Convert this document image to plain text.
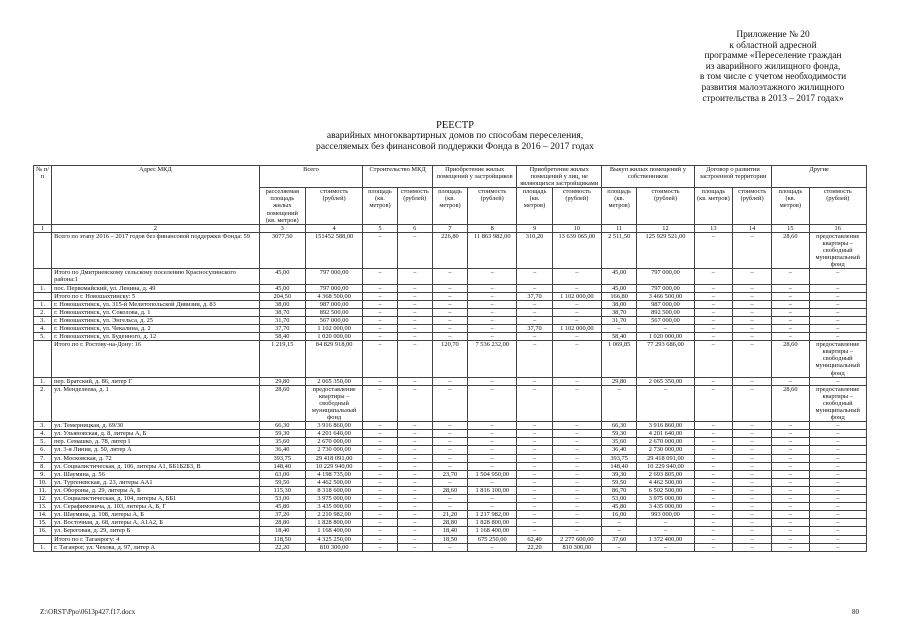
Приложение № 20
к областной адресной
программе «Переселение граждан
из аварийного жилищного фонда,
в том числе с учетом необходимости
развития малоэтажного жилищного
строительства в 2013 – 2017 годах»
РЕЕСТР
аварийных многоквартирных домов по способам переселения,
расселяемых без финансовой поддержки Фонда в 2016 – 2017 годах
№ п/п	Адрес МКД	Всего		Строительство МКД		Приобретение жилых помещений у застройщиков		Приобретение жилых помещений у лиц, не являющихся застройщиками		Выкуп жилых помещений у собственников		Договор о развитии застроенной территории		Другие	
		расселяемая площадь жилых помещений (кв. метров)	стоимость (рублей)	площадь (кв. метров)	стоимость (рублей)	площадь (кв. метров)	стоимость (рублей)	площадь (кв. метров)	стоимость (рублей)	площадь (кв. метров)	стоимость (рублей)	площадь (кв. метров)	стоимость (рублей)	площадь (кв. метров)	стоимость (рублей)
1	2	3	4	5	6	7	8	9	10	11	12	13	14	15	16
	Всего по этапу 2016 – 2017 годов без финансовой поддержки Фонда: 59	3077,50	151452 588,00	–	–	226,80	11 863 982,00	310,20	13 639 065,00	2 511,50	125 929 521,00	–	–	28,60	предоставление квартиры – свободный муниципальный фонд
	Итого по Дмитриевскому сельскому поселению Красносулинского района:1	45,00	797 000,00	–	–	–	–	–	–	45,00	797 000,00	–	–	–	–
1.	пос. Первомайский, ул. Ленина, д. 49	45,00	797 000,00	–	–	–	–	–	–	45,00	797 000,00	–	–	–	–
	Итого по г. Новошахтинску: 5	204,50	4 368 500,00	–	–	–	–	37,70	1 102 000,00	166,80	3 466 500,00	–	–	–	–
1.	г. Новошахтинск, ул. 315-й Мелитопольской Дивизии, д. 83	38,00	987 000,00	–	–	–	–	–	–	38,00	987 000,00	–	–	–	–
2.	г. Новошахтинск, ул. Соколова, д. 1	38,70	892 500,00	–	–	–	–	–	–	38,70	892 500,00	–	–	–	–
3.	г. Новошахтинск, ул. Энгельса, д. 25	31,70	567 000,00	–	–	–	–	–	–	31,70	567 000,00	–	–	–	–
4.	г. Новошахтинск, ул. Чекалина, д. 2	37,70	1 102 000,00	–	–	–	–	37,70	1 102 000,00	–	–	–	–	–	–
5.	г. Новошахтинск, ул. Буденного, д. 12	58,40	1 020 000,00	–	–	–	–	–	–	58,40	1 020 000,00	–	–	–	–
	Итого по г. Ростову-на-Дону: 16	1 219,15	84 829 918,00	–	–	120,70	7 536 232,00	–	–	1 069,85	77 293 686,00	–	–	28,60	предоставление квартиры – свободный муниципальный фонд
1.	пер. Братский, д. 86, литер Г	29,80	2 065 350,00	–	–	–	–	–	–	29,80	2 065 350,00	–	–	–	–
2.	ул. Менделеева, д. 1	28,60	предоставление квартиры – свободный муниципальный фонд	–	–	–	–	–	–	–	–	–	–	28,60	предоставление квартиры – свободный муниципальный фонд
3.	ул. Темерницкая, д. 69/30	66,30	3 916 860,00	–	–	–	–	–	–	66,30	3 916 860,00	–	–	–	–
4.	ул. Ульяновская, д. 8, литеры А, Б	59,30	4 201 640,00	–	–	–	–	–	–	59,30	4 201 640,00	–	–	–	–
5.	пер. Семашко, д. 78, литер I	35,60	2 670 000,00	–	–	–	–	–	–	35,60	2 670 000,00	–	–	–	–
6.	ул. 3-я Линия, д. 50, литер А	36,40	2 730 000,00	–	–	–	–	–	–	36,40	2 730 000,00	–	–	–	–
7.	ул. Московская, д. 72	393,75	29 418 091,00	–	–	–	–	–	–	393,75	29 418 091,00	–	–	–	–
8.	ул. Социалистическая, д. 106, литеры А1, ББ1Б2Б3, В	148,40	10 229 940,00	–	–	–	–	–	–	148,40	10 229 940,00	–	–	–	–
9.	ул. Шаумяна, д. 56	63,00	4 198 735,00	–	–	23,70	1 504 950,00	–	–	39,30	2 693 805,00	–	–	–	–
10.	ул. Тургеневская, д. 23, литеры АА1	59,50	4 462 500,00	–	–	–	–	–	–	59,50	4 462 500,00	–	–	–	–
11.	ул. Обороны, д. 29, литеры А, Б	115,30	8 318 600,00	–	–	28,60	1 816 100,00	–	–	86,70	6 502 500,00	–	–	–	–
12.	ул. Социалистическая, д. 104, литеры А, ББ1	53,00	3 975 000,00	–	–	–	–	–	–	53,00	3 975 000,00	–	–	–	–
13.	ул. Серафимовича, д. 103, литеры А, Б, Г	45,80	3 435 000,00	–	–	–	–	–	–	45,80	3 435 000,00	–	–	–	–
14.	ул. Шаумяна, д. 108, литеры А, Б	37,20	2 210 982,00	–	–	21,20	1 217 982,00	–	–	16,00	993 000,00	–	–	–	–
15.	ул. Восточная, д. 68, литеры А, А1А2, Б	28,80	1 828 800,00	–	–	28,80	1 828 800,00	–	–	–	–	–	–	–	–
16.	ул. Береговая, д. 29, литер Б	18,40	1 168 400,00	–	–	18,40	1 168 400,00	–	–	–	–	–	–	–	–
	Итого по г. Таганрогу: 4	118,50	4 325 250,00	–	–	18,50	675 250,00	62,40	2 277 600,00	37,60	1 372 400,00	–	–	–	–
1.	г. Таганрог, ул. Чехова, д. 97, литер А	22,20	810 300,00	–	–	–	–	22,20	810 300,00	–	–	–	–	–	–
Z:\ORST\Ppo\0613p427.f17.docx	80
